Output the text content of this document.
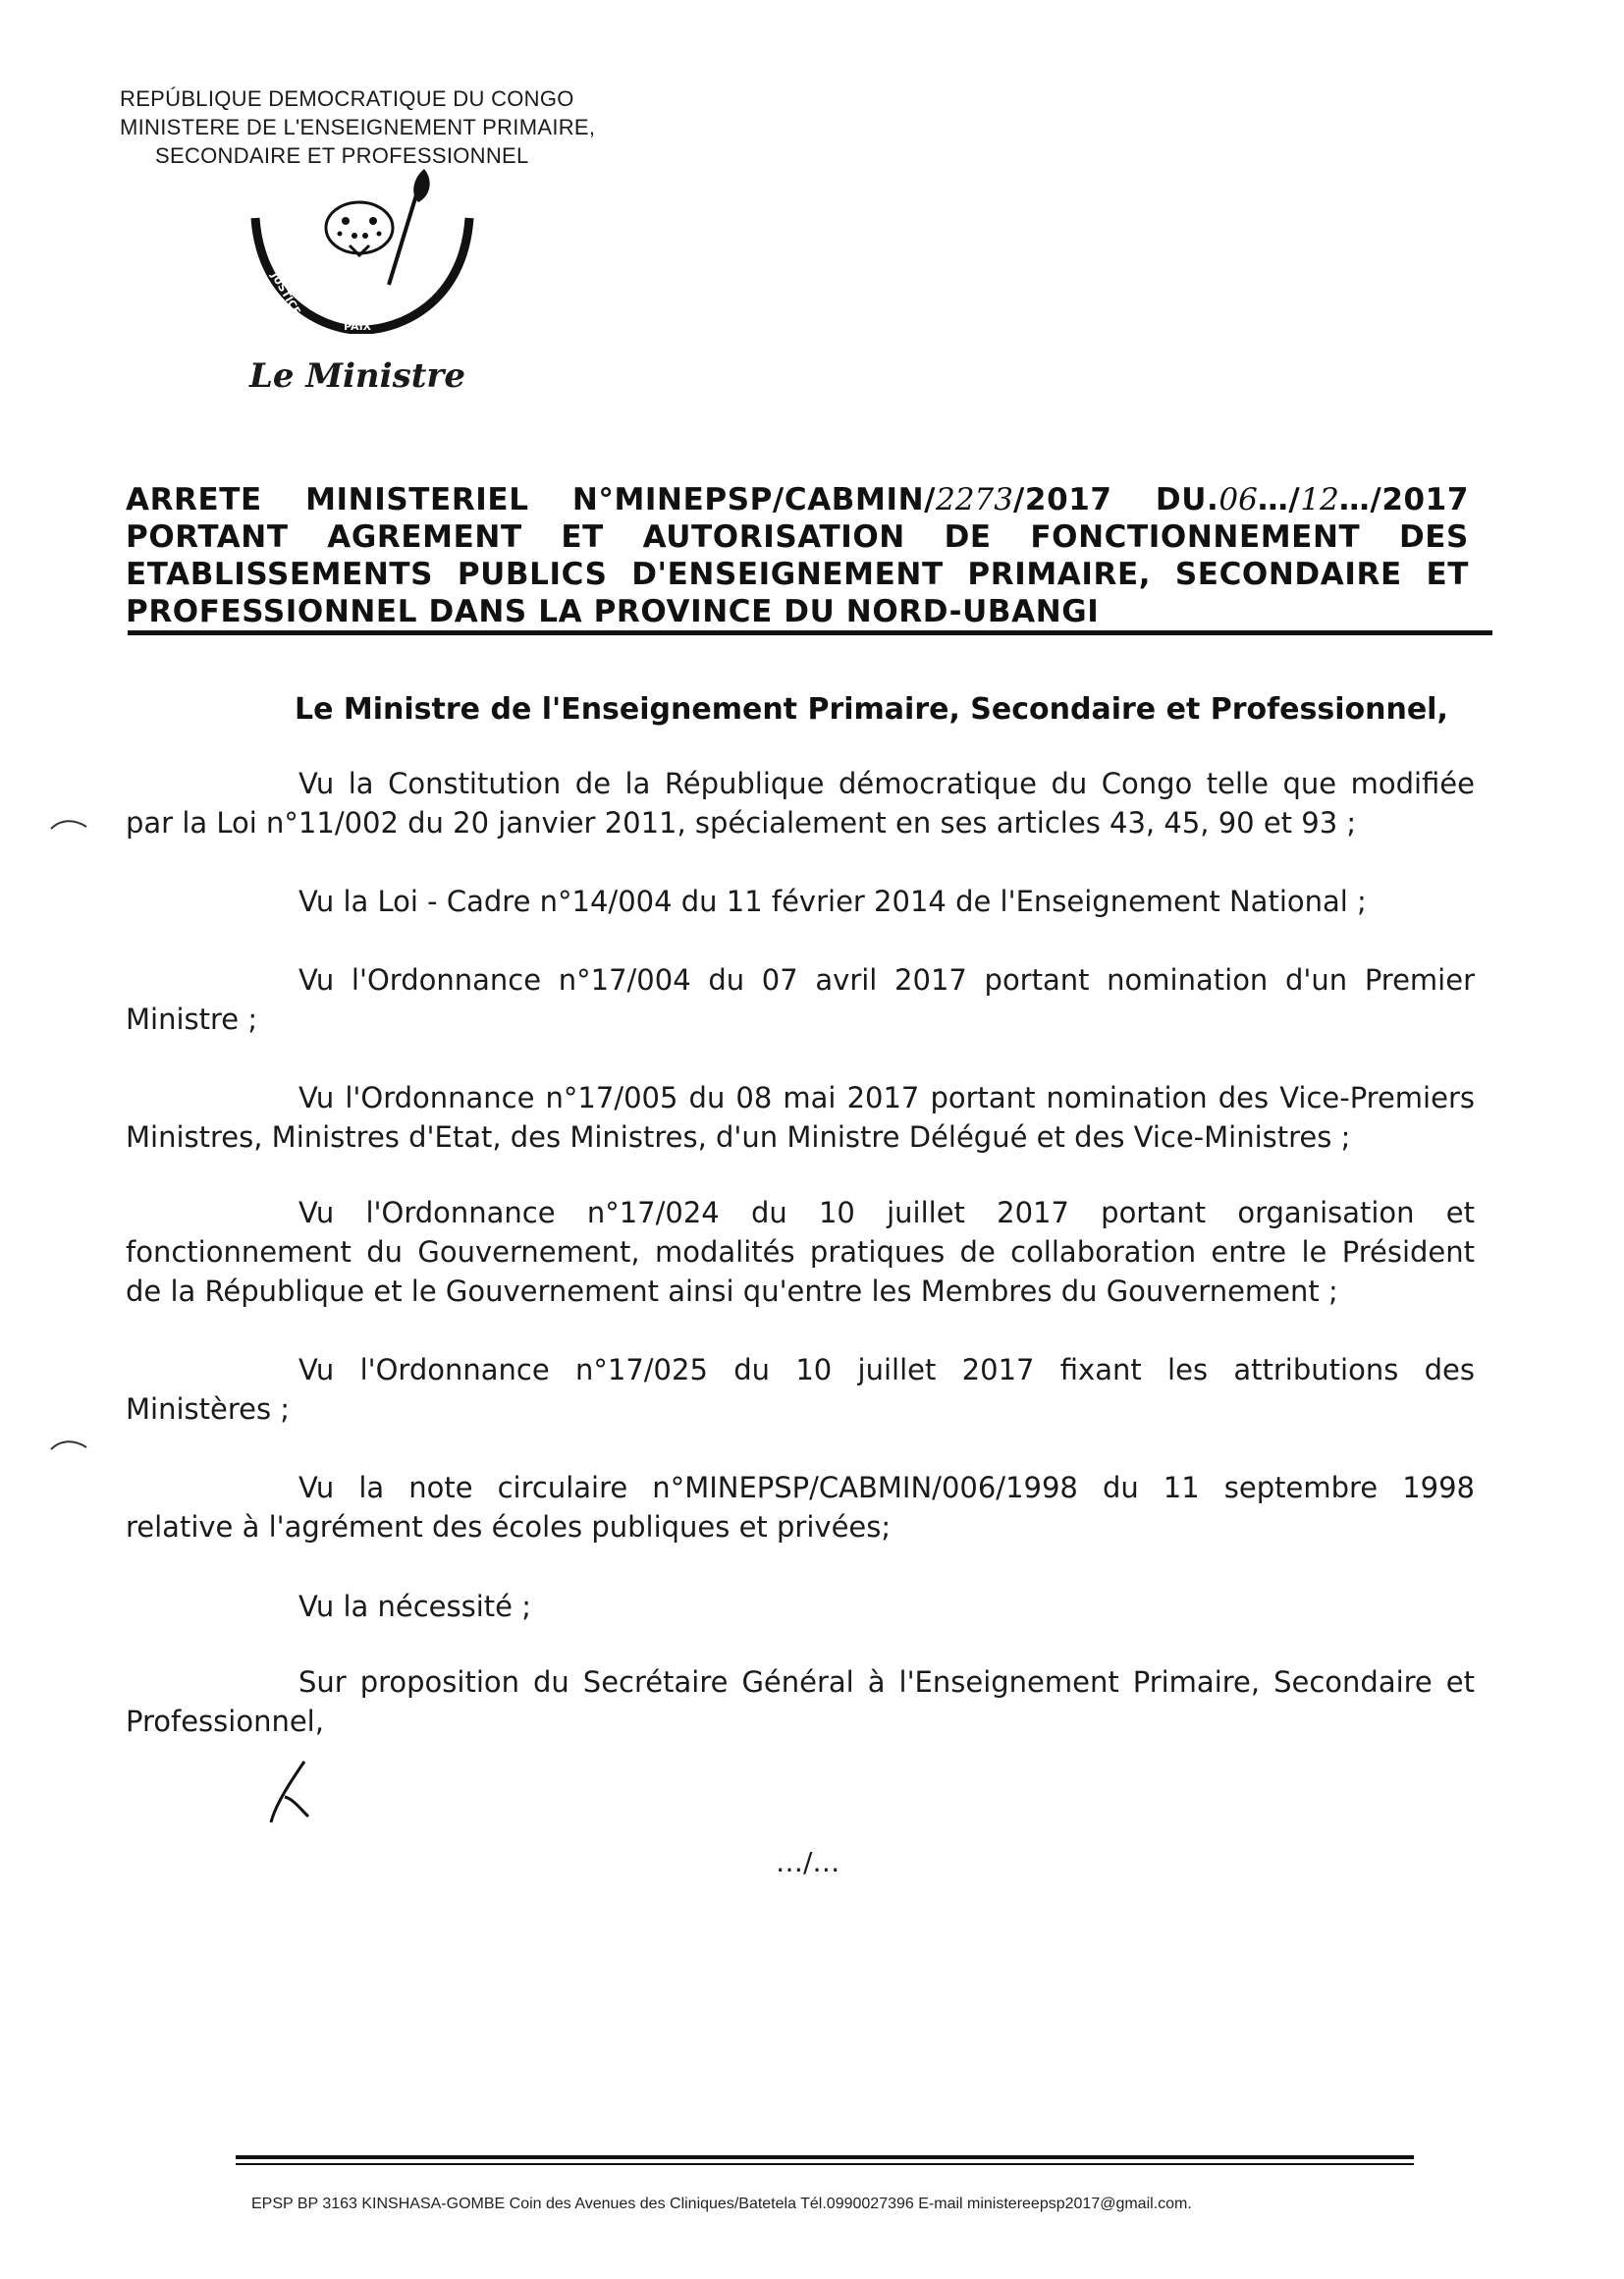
REPÚBLIQUE DEMOCRATIQUE DU CONGO
MINISTERE DE L'ENSEIGNEMENT PRIMAIRE,
SECONDAIRE ET PROFESSIONNEL
JUSTICE
PAIX
TRAVAIL
Le Ministre
ARRETE MINISTERIEL N°MINEPSP/CABMIN/2273/2017 DU.06…/12…/2017
PORTANT AGREMENT ET AUTORISATION DE FONCTIONNEMENT DES
ETABLISSEMENTS PUBLICS D'ENSEIGNEMENT PRIMAIRE, SECONDAIRE ET
PROFESSIONNEL DANS LA PROVINCE DU NORD-UBANGI
Le Ministre de l'Enseignement Primaire, Secondaire et Professionnel,
Vu la Constitution de la République démocratique du Congo telle que modifiée
par la Loi n°11/002 du 20 janvier 2011, spécialement en ses articles 43, 45, 90 et 93 ;
Vu la Loi - Cadre n°14/004 du 11 février 2014 de l'Enseignement National ;
Vu l'Ordonnance n°17/004 du 07 avril 2017 portant nomination d'un Premier
Ministre ;
Vu l'Ordonnance n°17/005 du 08 mai 2017 portant nomination des Vice-Premiers
Ministres, Ministres d'Etat, des Ministres, d'un Ministre Délégué et des Vice-Ministres ;
Vu l'Ordonnance n°17/024 du 10 juillet 2017 portant organisation et
fonctionnement du Gouvernement, modalités pratiques de collaboration entre le Président
de la République et le Gouvernement ainsi qu'entre les Membres du Gouvernement ;
Vu l'Ordonnance n°17/025 du 10 juillet 2017 fixant les attributions des
Ministères ;
Vu la note circulaire n°MINEPSP/CABMIN/006/1998 du 11 septembre 1998
relative à l'agrément des écoles publiques et privées;
Vu la nécessité ;
Sur proposition du Secrétaire Général à l'Enseignement Primaire, Secondaire et
Professionnel,
…/…
EPSP BP 3163 KINSHASA-GOMBE Coin des Avenues des Cliniques/Batetela Tél.0990027396 E-mail ministereepsp2017@gmail.com.
